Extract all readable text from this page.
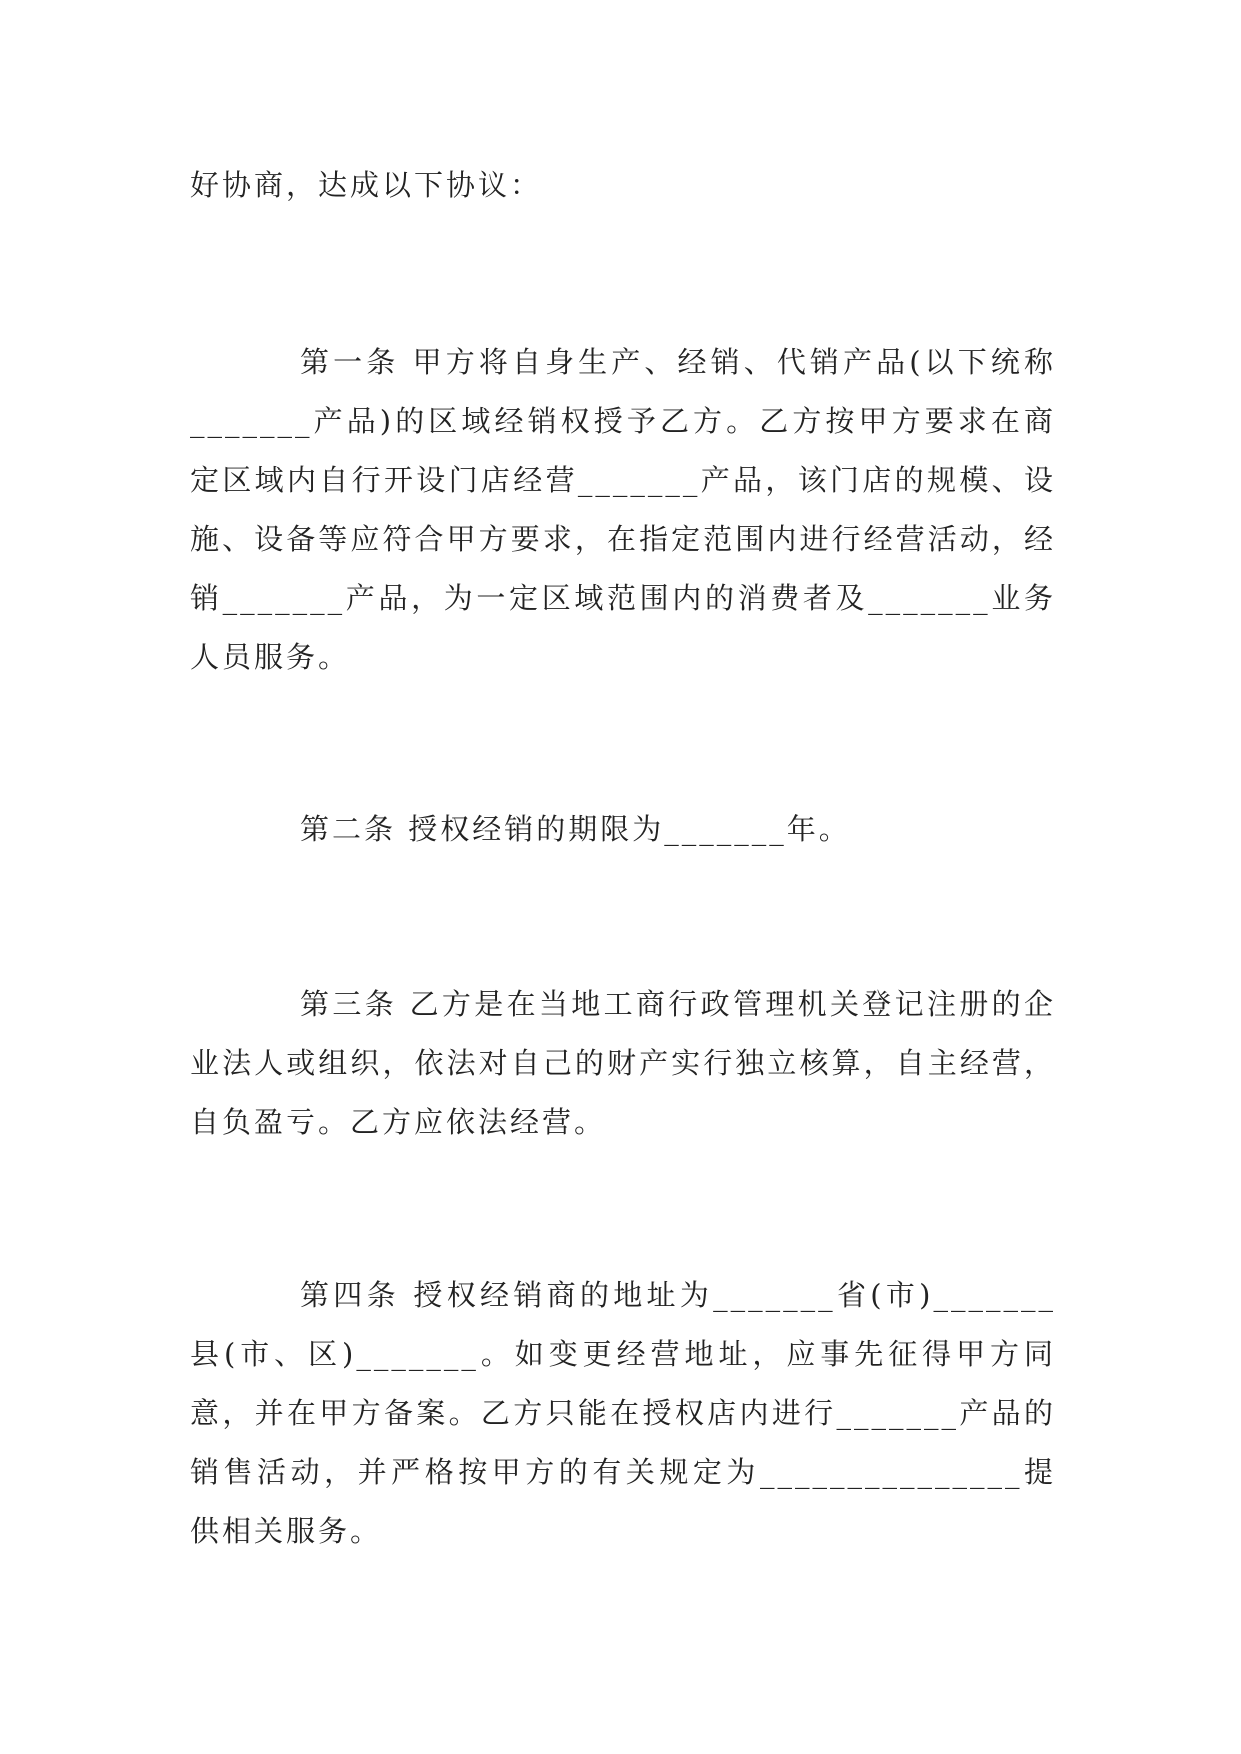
好协商，达成以下协议：

第一条 甲方将自身生产、经销、代销产品(以下统称_______产品)的区域经销权授予乙方。乙方按甲方要求在商定区域内自行开设门店经营_______产品，该门店的规模、设施、设备等应符合甲方要求，在指定范围内进行经营活动，经销_______产品，为一定区域范围内的消费者及_______业务人员服务。

第二条 授权经销的期限为_______年。

第三条 乙方是在当地工商行政管理机关登记注册的企业法人或组织，依法对自己的财产实行独立核算，自主经营，自负盈亏。乙方应依法经营。

第四条 授权经销商的地址为_______省(市)_______县(市、区)_______。如变更经营地址，应事先征得甲方同意，并在甲方备案。乙方只能在授权店内进行_______产品的销售活动，并严格按甲方的有关规定为_______________提供相关服务。
